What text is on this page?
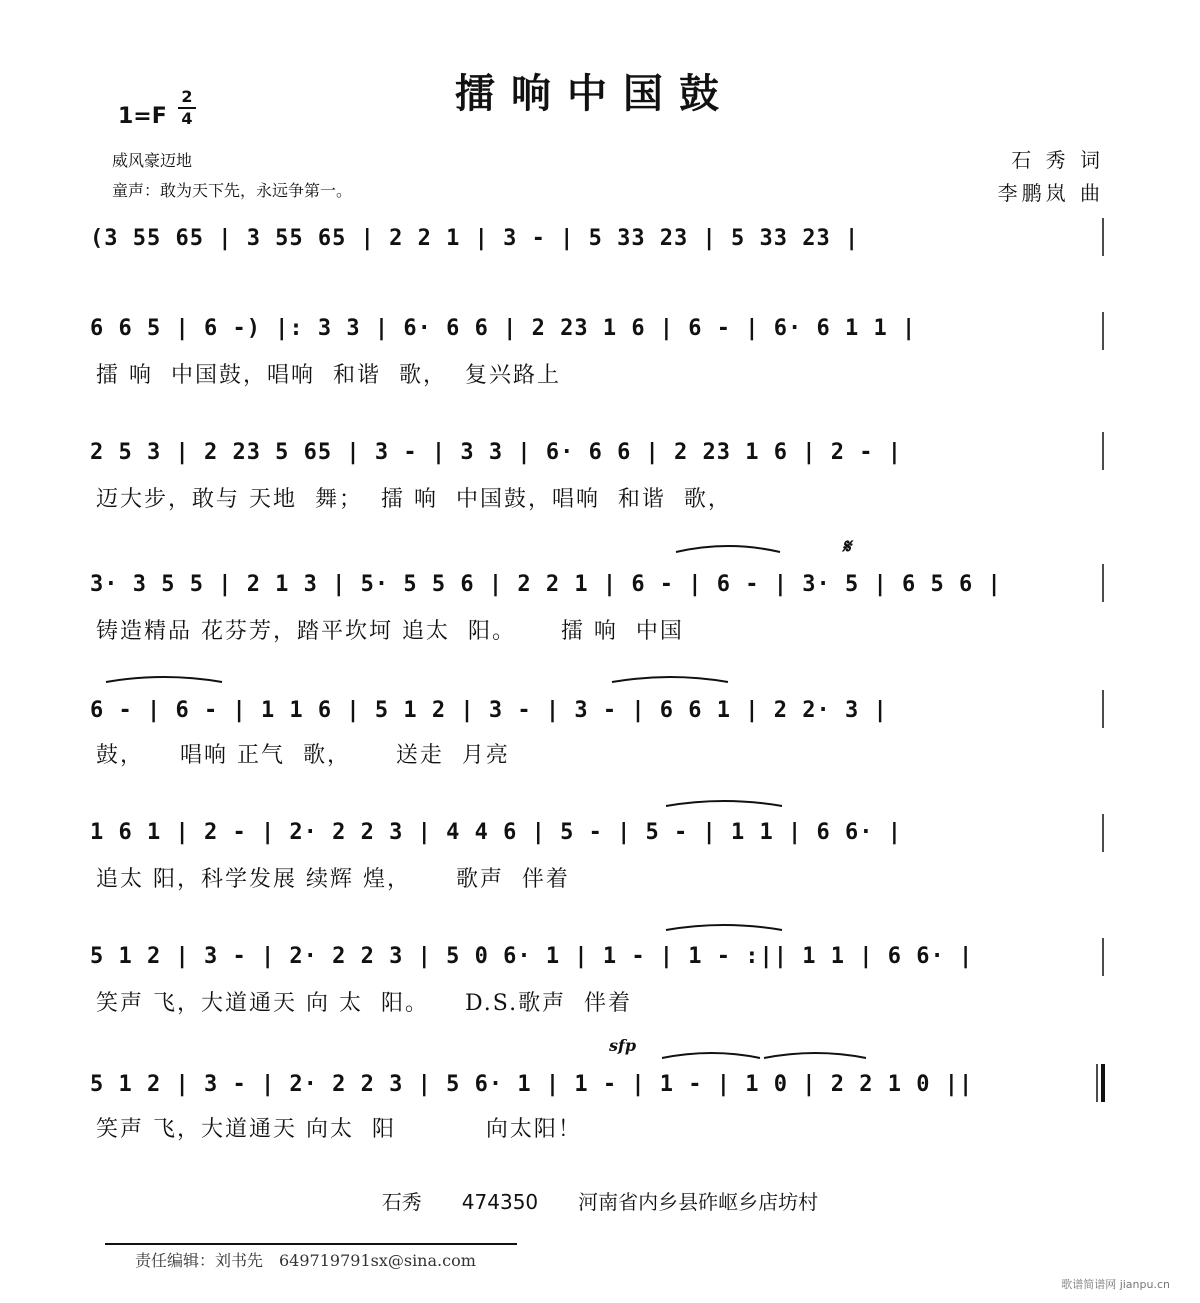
擂响中国鼓
1=F
2
4
威风豪迈地
童声：敢为天下先，永远争第一。
石 秀 词
李鹏岚 曲
(3 55 65 | 3 55 65 | 2 2 1 | 3 - | 5 33 23 | 5 33 23 |
6 6 5 | 6 -) |: 3 3 | 6· 6 6 | 2 23 1 6 | 6 - | 6· 6 1 1 |
擂 响  中国鼓，唱响  和谐  歌，  复兴路上
2 5 3 | 2 23 5 65 | 3 - | 3 3 | 6· 6 6 | 2 23 1 6 | 2 - |
迈大步，敢与 天地  舞；  擂 响  中国鼓，唱响  和谐  歌，
3· 3 5 5 | 2 1 3 | 5· 5 5 6 | 2 2 1 | 6 - | 6 - | 3· 5 | 6 5 6 |
铸造精品 花芬芳，踏平坎坷 追太  阳。     擂 响  中国
6 - | 6 - | 1 1 6 | 5 1 2 | 3 - | 3 - | 6 6 1 | 2 2· 3 |
鼓，    唱响 正气  歌，     送走  月亮
1 6 1 | 2 - | 2· 2 2 3 | 4 4 6 | 5 - | 5 - | 1 1 | 6 6· |
追太 阳，科学发展 续辉 煌，     歌声  伴着
5 1 2 | 3 - | 2· 2 2 3 | 5 0 6· 1 | 1 - | 1 - :|| 1 1 | 6 6· |
笑声 飞，大道通天 向 太  阳。    D.S.歌声  伴着
5 1 2 | 3 - | 2· 2 2 3 | 5 6· 1 | 1 - | 1 - | 1 0 | 2 2 1 0 ||
笑声 飞，大道通天 向太  阳          向太阳！
𝄋
sfp
石秀　　474350　　河南省内乡县砟岖乡店坊村
责任编辑：刘书先　649719791sx@sina.com
歌谱简谱网 jianpu.cn
